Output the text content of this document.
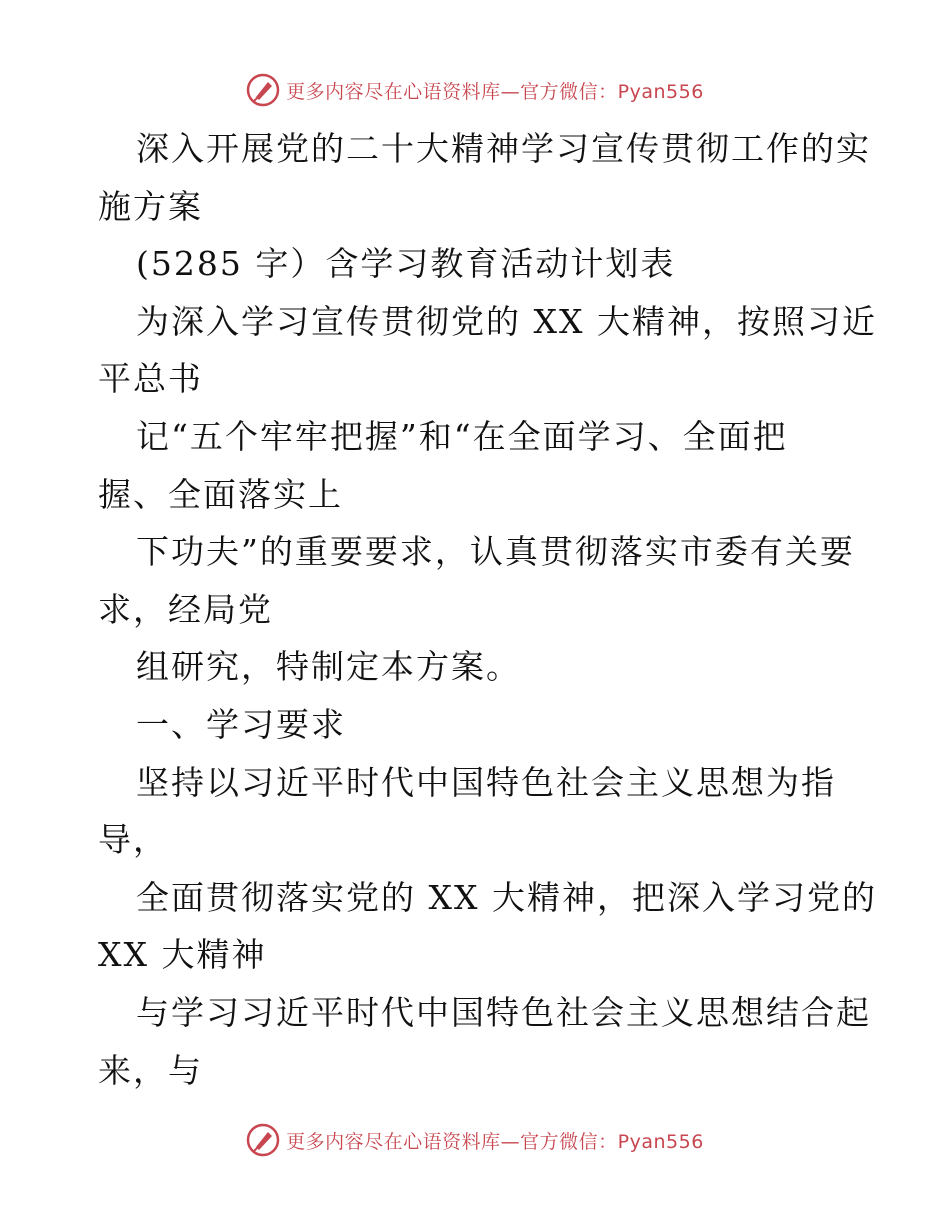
更多内容尽在心语资料库—官方微信：Pyan556
深入开展党的二十大精神学习宣传贯彻工作的实
施方案
(5285 字）含学习教育活动计划表
为深入学习宣传贯彻党的 XX 大精神，按照习近
平总书
记“五个牢牢把握”和“在全面学习、全面把
握、全面落实上
下功夫”的重要要求，认真贯彻落实市委有关要
求，经局党
组研究，特制定本方案。
一、学习要求
坚持以习近平时代中国特色社会主义思想为指
导，
全面贯彻落实党的 XX 大精神，把深入学习党的
XX 大精神
与学习习近平时代中国特色社会主义思想结合起
来，与
更多内容尽在心语资料库—官方微信：Pyan556
